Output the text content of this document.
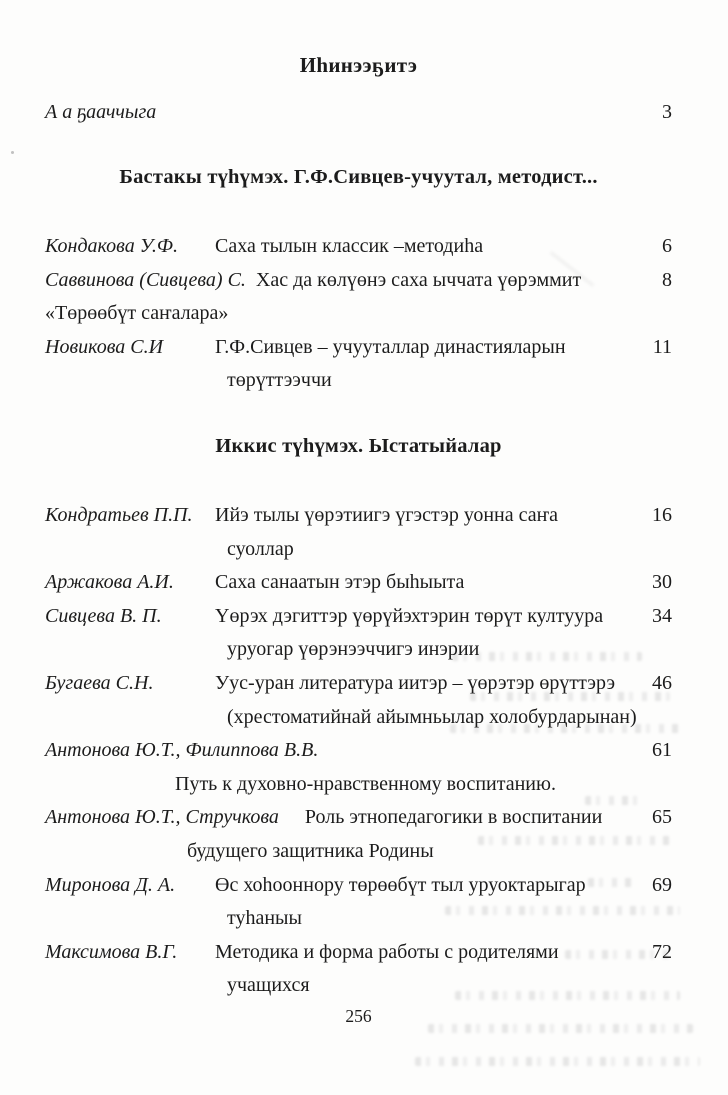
Иһинээҕитэ
А а ҕааччыга	3
Бастакы түһүмэх. Г.Ф.Сивцев-учуутал, методист...
Кондакова У.Ф. Саха тылын классик –методиһа	6
Саввинова (Сивцева) С. Хас да көлүөнэ саха ыччата үөрэммит	8
«Төрөөбүт саҥалара»
Новикова С.И	Г.Ф.Сивцев – учууталлар династияларын	11
төрүттээччи
Иккис түһүмэх. Ыстатыйалар
Кондратьев П.П. Ийэ тылы үөрэтиигэ үгэстэр уонна саҥа	16
суоллар
Аржакова А.И. Саха санаатын этэр быһыыта	30
Сивцева В. П.	Үөрэх дэгиттэр үөрүйэхтэрин төрүт култуура 34
уруогар үөрэнээччигэ инэрии
Бугаева С.Н.	Уус-уран литература иитэр – үөрэтэр өрүттэрэ 46
(хрестоматийнай айымньылар холобурдарынан)
Антонова Ю.Т., Филиппова В.В.	61
Путь к духовно-нравственному воспитанию.
Антонова Ю.Т., Стручкова Роль этнопедагогики в воспитании 65
будущего защитника Родины
Миронова Д. А. Өс хоһооннору төрөөбүт тыл уруоктарыгар	69
туһаныы
Максимова В.Г. Методика и форма работы с родителями	72
учащихся
256
